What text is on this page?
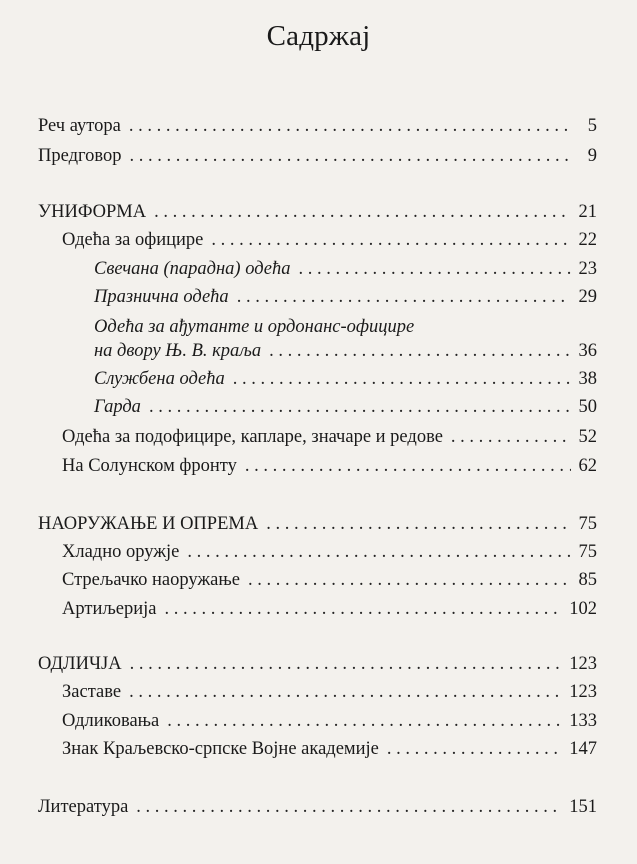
Садржај
Реч аутора . . .	5
Предговор . . .	9
УНИФОРМА . . .	21
Одећа за официре . . .	22
Свечана (парадна) одећа . . .	23
Празнична одећа . . .	29
Одећа за ађутанте и ордонанс-официре
на двору Њ. В. краља . . .	36
Службена одећа . . .	38
Гарда . . .	50
Одећа за подофицире, капларе, значаре и редове . . .	52
На Солунском фронту . . .	62
НАОРУЖАЊЕ И ОПРЕМА . . .	75
Хладно оружје . . .	75
Стрељачко наоружање . . .	85
Артиљерија . . .	102
ОДЛИЧЈА . . .	123
Заставе . . .	123
Одликовања . . .	133
Знак Краљевско-српске Војне академије . . .	147
Литература . . .	151
